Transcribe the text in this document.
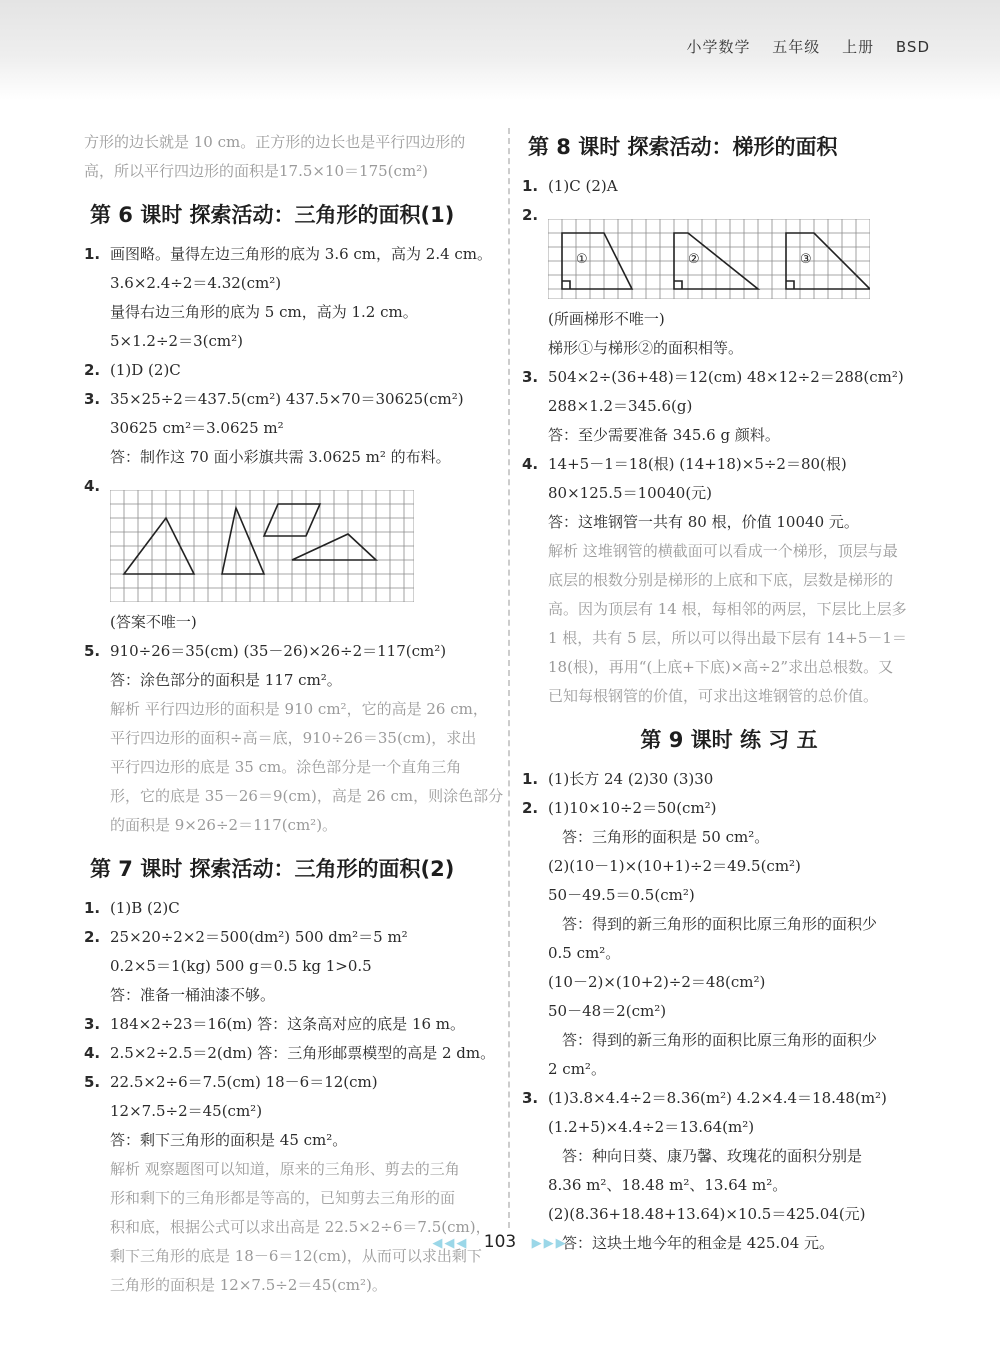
小学数学 五年级 上册 BSD

方形的边长就是 10 cm。正方形的边长也是平行四边形的

高，所以平行四边形的面积是17.5×10＝175(cm²)

第 6 课时 探索活动：三角形的面积(1)

1. 画图略。量得左边三角形的底为 3.6 cm，高为 2.4 cm。

3.6×2.4÷2＝4.32(cm²)

量得右边三角形的底为 5 cm，高为 1.2 cm。

5×1.2÷2＝3(cm²)

2. (1)D (2)C

3. 35×25÷2＝437.5(cm²) 437.5×70＝30625(cm²)

30625 cm²＝3.0625 m²

答：制作这 70 面小彩旗共需 3.0625 m² 的布料。

4.

(答案不唯一)

5. 910÷26＝35(cm) (35－26)×26÷2＝117(cm²)

答：涂色部分的面积是 117 cm²。

解析 平行四边形的面积是 910 cm²，它的高是 26 cm，

平行四边形的面积÷高＝底，910÷26＝35(cm)，求出

平行四边形的底是 35 cm。涂色部分是一个直角三角

形，它的底是 35－26＝9(cm)，高是 26 cm，则涂色部分

的面积是 9×26÷2＝117(cm²)。

第 7 课时 探索活动：三角形的面积(2)

1. (1)B (2)C

2. 25×20÷2×2＝500(dm²) 500 dm²＝5 m²

0.2×5＝1(kg) 500 g＝0.5 kg 1>0.5

答：准备一桶油漆不够。

3. 184×2÷23＝16(m) 答：这条高对应的底是 16 m。

4. 2.5×2÷2.5＝2(dm) 答：三角形邮票模型的高是 2 dm。

5. 22.5×2÷6＝7.5(cm) 18－6＝12(cm)

12×7.5÷2＝45(cm²)

答：剩下三角形的面积是 45 cm²。

解析 观察题图可以知道，原来的三角形、剪去的三角

形和剩下的三角形都是等高的，已知剪去三角形的面

积和底，根据公式可以求出高是 22.5×2÷6＝7.5(cm)，

剩下三角形的底是 18－6＝12(cm)，从而可以求出剩下

三角形的面积是 12×7.5÷2＝45(cm²)。

第 8 课时 探索活动：梯形的面积

1. (1)C (2)A

2.

①	②	③

(所画梯形不唯一)

梯形①与梯形②的面积相等。

3. 504×2÷(36+48)＝12(cm) 48×12÷2＝288(cm²)

288×1.2＝345.6(g)

答：至少需要准备 345.6 g 颜料。

4. 14+5－1＝18(根) (14+18)×5÷2＝80(根)

80×125.5＝10040(元)

答：这堆钢管一共有 80 根，价值 10040 元。

解析 这堆钢管的横截面可以看成一个梯形，顶层与最

底层的根数分别是梯形的上底和下底，层数是梯形的

高。因为顶层有 14 根，每相邻的两层，下层比上层多

1 根，共有 5 层，所以可以得出最下层有 14+5－1＝

18(根)，再用“(上底+下底)×高÷2”求出总根数。又

已知每根钢管的价值，可求出这堆钢管的总价值。

第 9 课时 练 习 五

1. (1)长方 24 (2)30 (3)30

2. (1)10×10÷2＝50(cm²)

答：三角形的面积是 50 cm²。

(2)(10－1)×(10+1)÷2＝49.5(cm²)

50－49.5＝0.5(cm²)

答：得到的新三角形的面积比原三角形的面积少

0.5 cm²。

(10－2)×(10+2)÷2＝48(cm²)

50－48＝2(cm²)

答：得到的新三角形的面积比原三角形的面积少

2 cm²。

3. (1)3.8×4.4÷2＝8.36(m²) 4.2×4.4＝18.48(m²)

(1.2+5)×4.4÷2＝13.64(m²)

答：种向日葵、康乃馨、玫瑰花的面积分别是

8.36 m²、18.48 m²、13.64 m²。

(2)(8.36+18.48+13.64)×10.5＝425.04(元)

答：这块土地今年的租金是 425.04 元。

◀◀◀ 103 ▶▶▶
